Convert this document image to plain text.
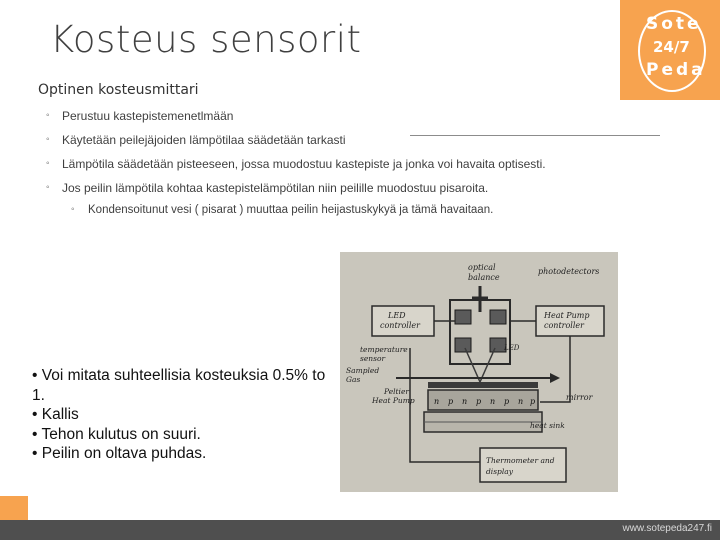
Kosteus sensorit	Sote
24/7
Peda
Optinen kosteusmittari
◦ Perustuu kastepistemenetlmään
◦ Käytetään peilejäjoiden lämpötilaa säädetään tarkasti
◦ Lämpötila säädetään pisteeseen, jossa muodostuu kastepiste ja jonka voi havaita optisesti.
◦ Jos peilin lämpötila kohtaa kastepistelämpötilan niin peilille muodostuu pisaroita.
◦ Kondensoitunut vesi ( pisarat ) muuttaa peilin heijastuskykyä ja tämä havaitaan.
optical
balance
photodetectors
LED
controller
Heat Pump
controller
LED
temperature
sensor
Sampled
Gas
Peltier
Heat Pump	mirror
heat sink
Thermometer and
display
n p n p n p n p
• Voi mitata suhteellisia kosteuksia 0.5% to 1.
• Kallis
• Tehon kulutus on suuri.
• Peilin on oltava puhdas.
www.sotepeda247.fi
